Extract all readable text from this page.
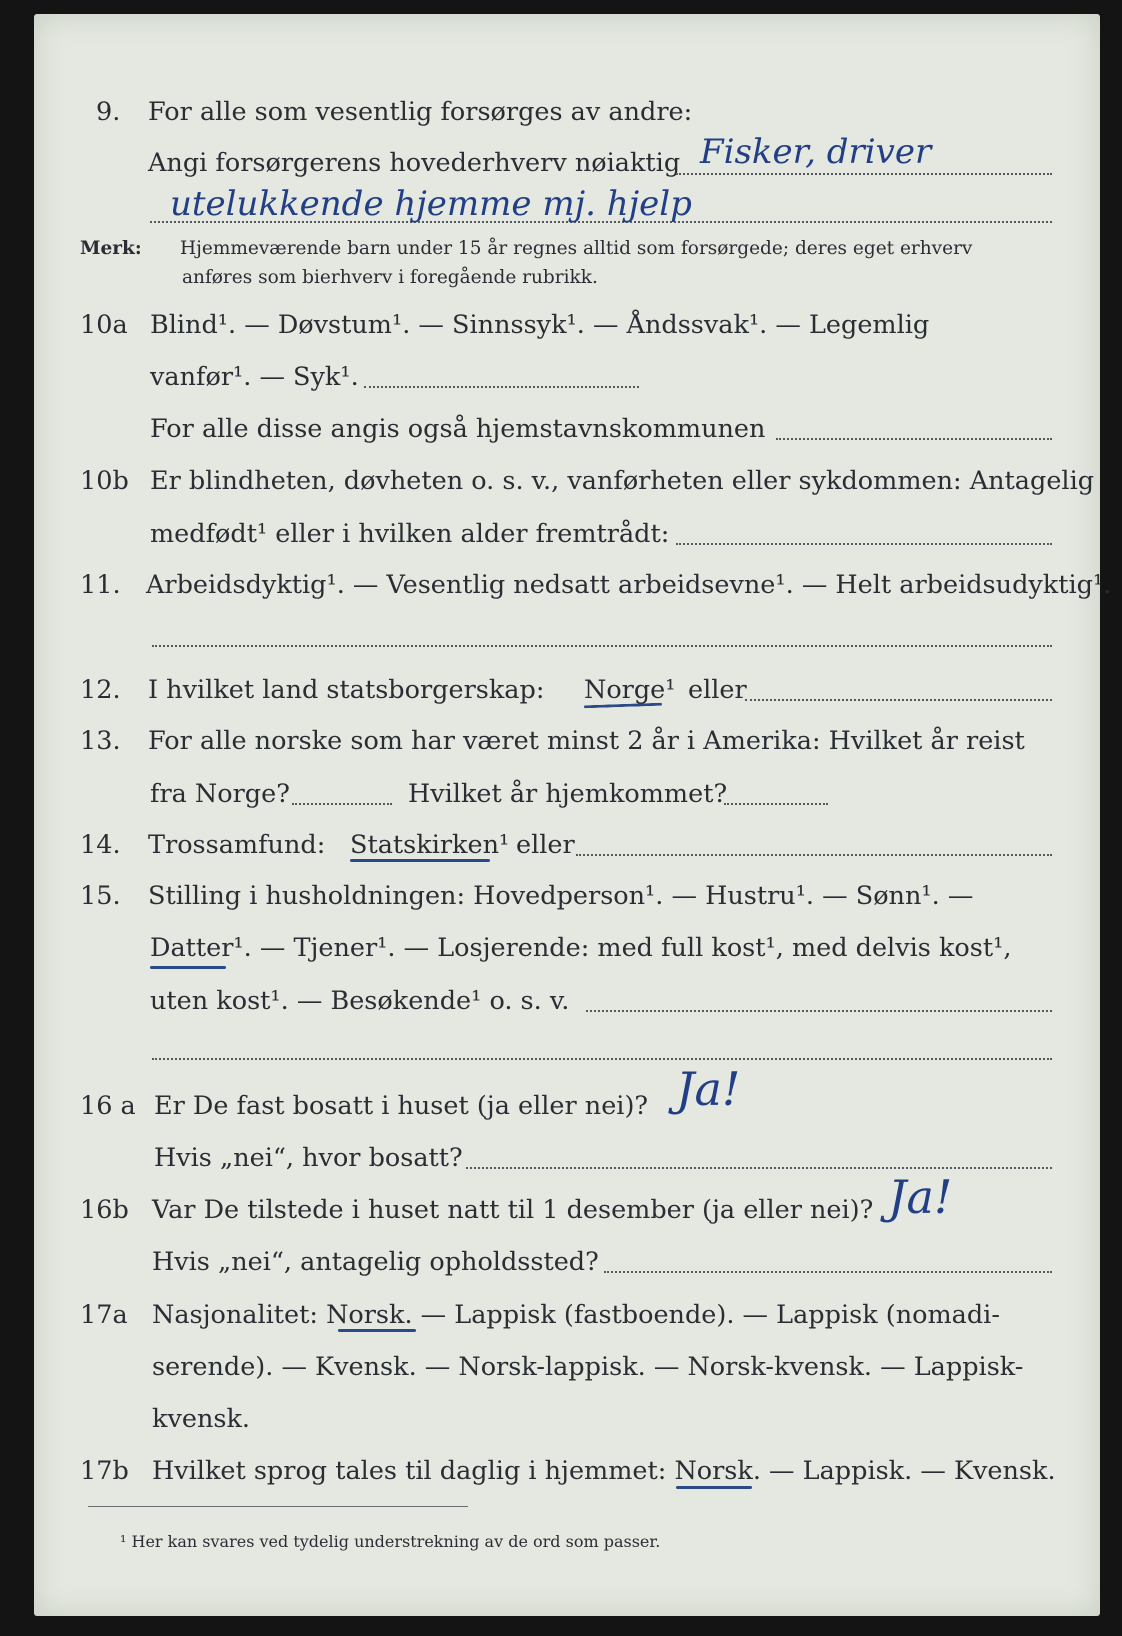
9. For alle som vesentlig forsørges av andre:
Angi forsørgerens hovederhverv nøiaktig Fisker, driver
utelukkende hjemme mj. hjelp
Merk: Hjemmeværende barn under 15 år regnes alltid som forsørgede; deres eget erhverv
anføres som bierhverv i foregående rubrikk.
10a Blind¹. — Døvstum¹. — Sinnssyk¹. — Åndssvak¹. — Legemlig
vanfør¹. — Syk¹.
For alle disse angis også hjemstavnskommunen
10b Er blindheten, døvheten o. s. v., vanførheten eller sykdommen: Antagelig
medfødt¹ eller i hvilken alder fremtrådt:
11. Arbeidsdyktig¹. — Vesentlig nedsatt arbeidsevne¹. — Helt arbeidsudyktig¹.
12. I hvilket land statsborgerskap: Norge¹ eller
13. For alle norske som har været minst 2 år i Amerika: Hvilket år reist
fra Norge?	Hvilket år hjemkommet?
14. Trossamfund: Statskirken¹ eller
15. Stilling i husholdningen: Hovedperson¹. — Hustru¹. — Sønn¹. —
Datter¹. — Tjener¹. — Losjerende: med full kost¹, med delvis kost¹,
uten kost¹. — Besøkende¹ o. s. v.
16 a Er De fast bosatt i huset (ja eller nei)? Ja!
Hvis „nei“, hvor bosatt?
16b Var De tilstede i huset natt til 1 desember (ja eller nei)? Ja!
Hvis „nei“, antagelig opholdssted?
17a Nasjonalitet: Norsk. — Lappisk (fastboende). — Lappisk (nomadi-
serende). — Kvensk. — Norsk-lappisk. — Norsk-kvensk. — Lappisk-
kvensk.
17b Hvilket sprog tales til daglig i hjemmet: Norsk. — Lappisk. — Kvensk.
¹ Her kan svares ved tydelig understrekning av de ord som passer.
